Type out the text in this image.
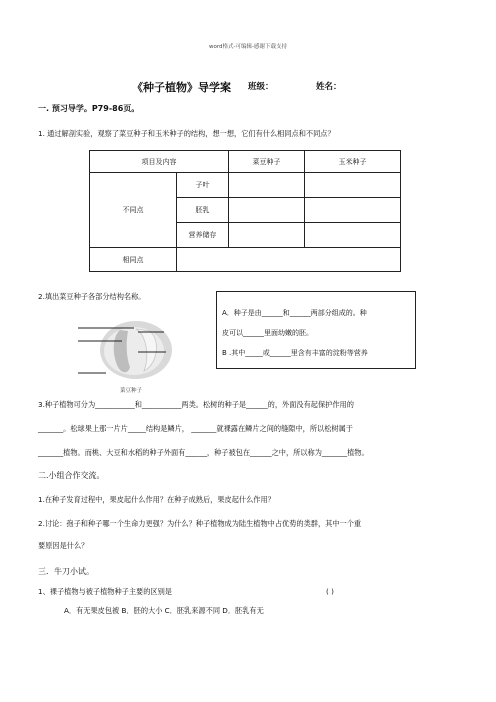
word格式-可编辑-感谢下载支持
《种子植物》导学案 班级：	姓名：
一. 预习导学。P79-86页。
1. 通过解剖实验，观察了菜豆种子和玉米种子的结构，想一想，它们有什么相同点和不同点？
项目及内容		菜豆种子	玉米种子
不同点	子叶		
	胚乳		
	营养储存		
相同点			
2.填出菜豆种子各部分结构名称。
菜豆种子
A．种子是由______和______两部分组成的。种
皮可以______里面幼嫩的胚。
B .其中_____或______里含有丰富的淀粉等营养
3.种子植物可分为___________和___________两类。松树的种子是______的，外面没有起保护作用的
_______。松球果上那一片片_____结构是鳞片， _______就裸露在鳞片之间的缝隙中，所以松树属于
_______植物。而桃、大豆和水稻的种子外面有______，种子被包在______之中，所以称为_______植物。
二.小组合作交流。
1.在种子发育过程中，果皮起什么作用？在种子成熟后，果皮起什么作用？
2.讨论：孢子和种子哪一个生命力更强？为什么？种子植物成为陆生植物中占优势的类群，其中一个重
要原因是什么？
三．牛刀小试。
1、裸子植物与被子植物种子主要的区别是	( )
A．有无果皮包被 B．胚的大小 C．胚乳来源不同 D．胚乳有无
